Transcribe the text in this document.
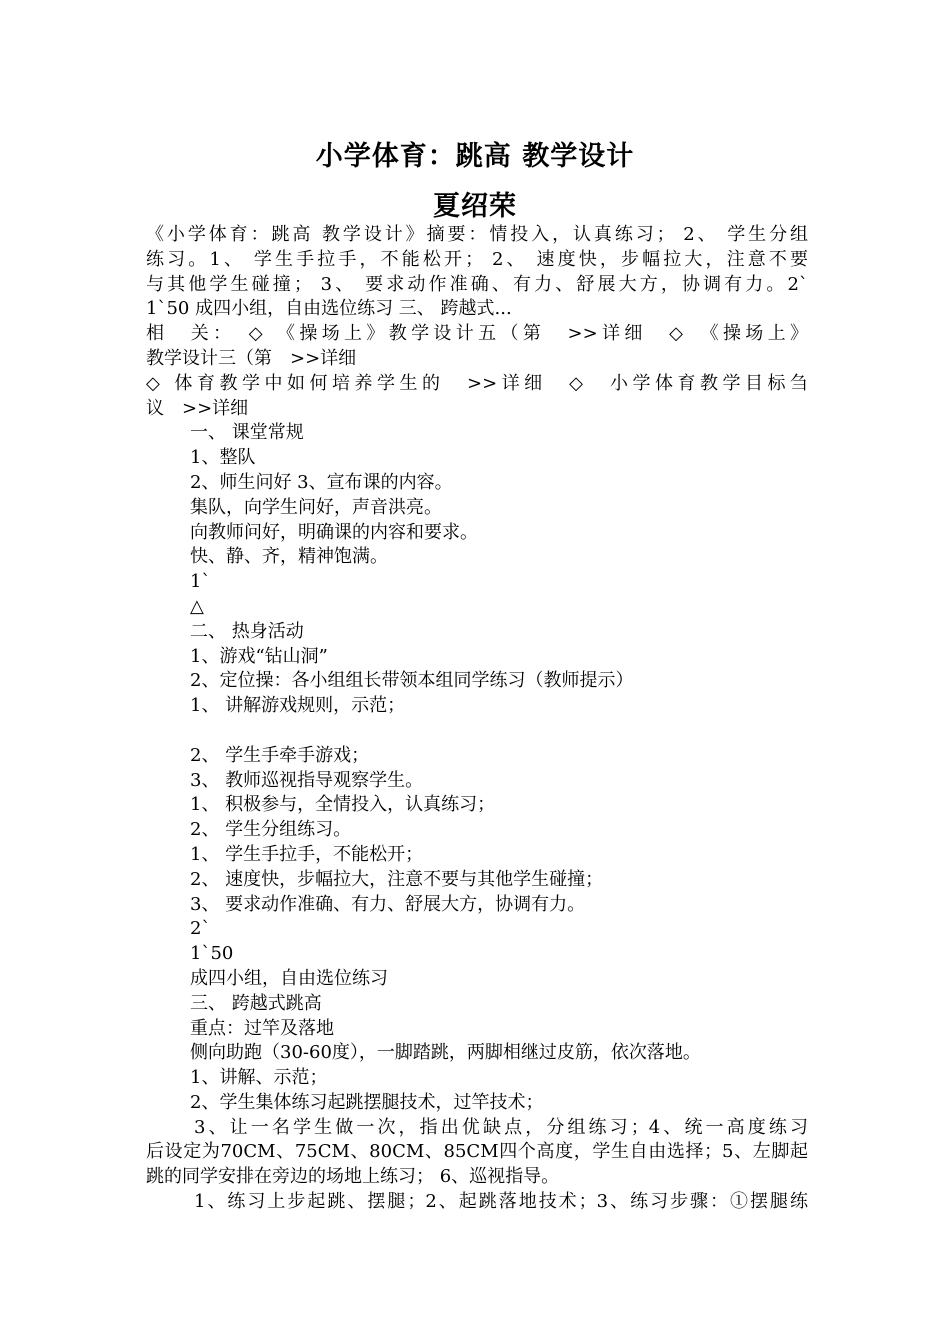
小学体育：跳高 教学设计
夏绍荣
《小学体育：跳高 教学设计》摘要：情投入，认真练习； 2、 学生分组
练习。1、 学生手拉手，不能松开； 2、 速度快，步幅拉大，注意不要
与其他学生碰撞； 3、 要求动作准确、有力、舒展大方，协调有力。2`
1`50 成四小组，自由选位练习 三、 跨越式...
相　关：　◇ 《操场上》教学设计五（第　>>详细　◇　《操场上》
教学设计三（第　>>详细
◇ 体育教学中如何培养学生的　>>详细　◇　小学体育教学目标刍
议　>>详细
一、 课堂常规
1、整队
2、师生问好 3、宣布课的内容。
集队，向学生问好，声音洪亮。
向教师问好，明确课的内容和要求。
快、静、齐，精神饱满。
1`
△
二、 热身活动
1、游戏“钻山洞”
2、定位操：各小组组长带领本组同学练习（教师提示）
1、 讲解游戏规则，示范；
2、 学生手牵手游戏；
3、 教师巡视指导观察学生。
1、 积极参与，全情投入，认真练习；
2、 学生分组练习。
1、 学生手拉手，不能松开；
2、 速度快，步幅拉大，注意不要与其他学生碰撞；
3、 要求动作准确、有力、舒展大方，协调有力。
2`
1`50
成四小组，自由选位练习
三、 跨越式跳高
重点：过竿及落地
侧向助跑（30-60度），一脚踏跳，两脚相继过皮筋，依次落地。
1、讲解、示范；
2、学生集体练习起跳摆腿技术，过竿技术；
3、让一名学生做一次，指出优缺点，分组练习；4、统一高度练习
后设定为70CM、75CM、80CM、85CM四个高度，学生自由选择；5、左脚起
跳的同学安排在旁边的场地上练习； 6、巡视指导。
1、练习上步起跳、摆腿；2、起跳落地技术；3、练习步骤：①摆腿练
